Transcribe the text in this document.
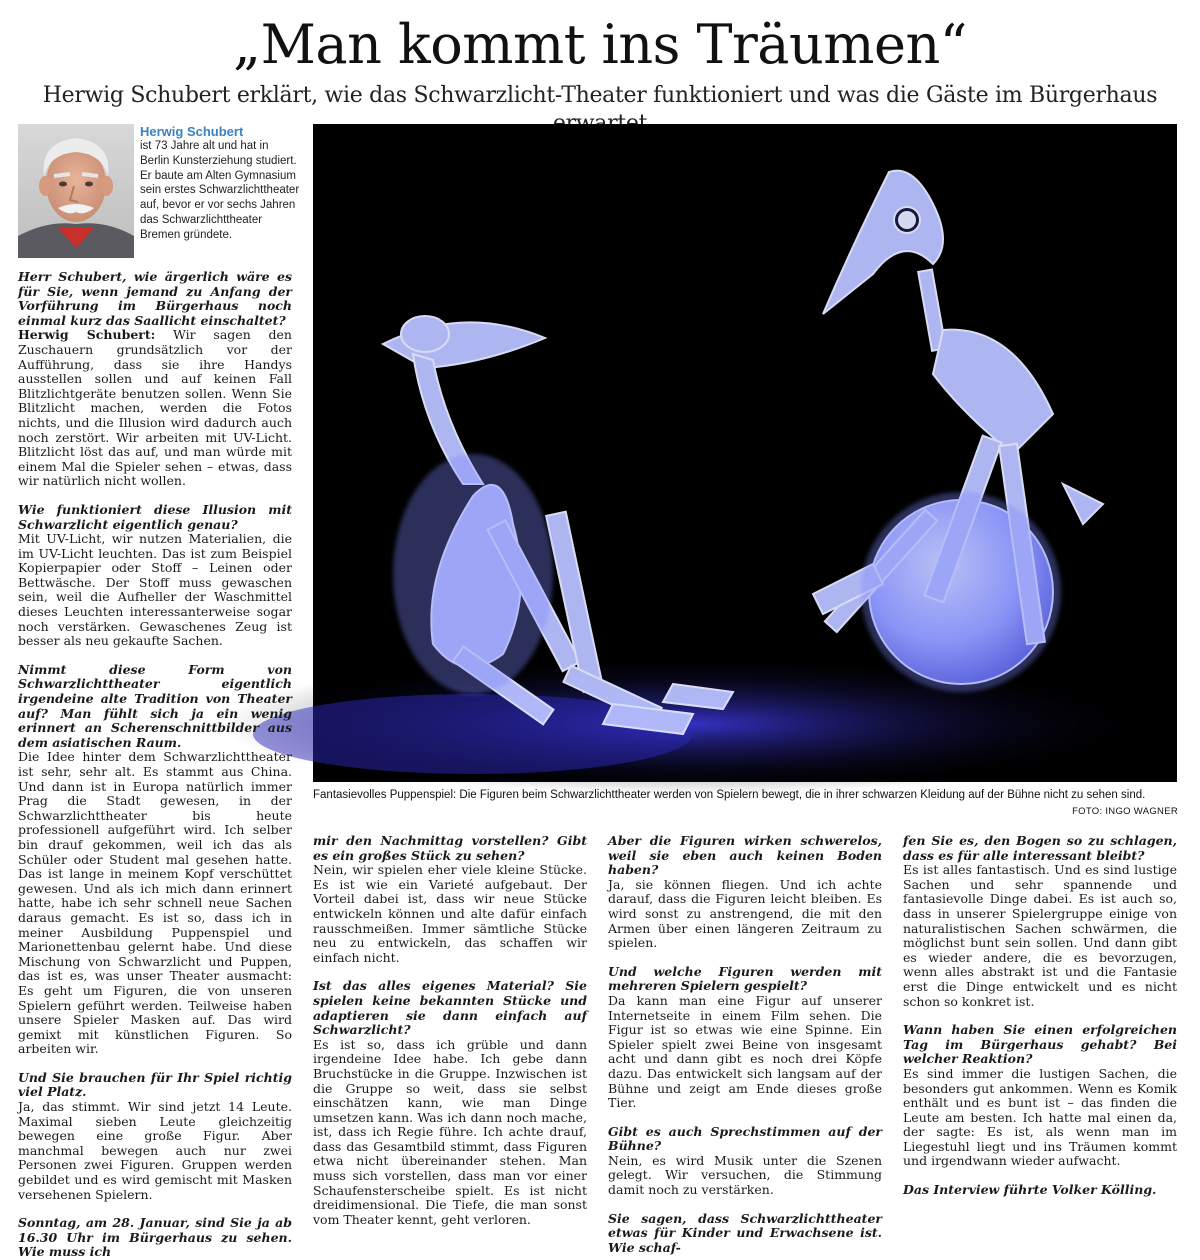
„Man kommt ins Träumen“
Herwig Schubert erklärt, wie das Schwarzlicht-Theater funktioniert und was die Gäste im Bürgerhaus
Herwig Schubert
ist 73 Jahre alt und hat in Berlin Kunsterziehung studiert. Er baute am Alten Gymnasium sein erstes Schwarzlichttheater auf, bevor er vor sechs Jahren das Schwarzlichttheater Bremen gründete.
Fantasievolles Puppenspiel: Die Figuren beim Schwarzlichttheater werden von Spielern bewegt, die in ihrer schwarzen Kleidung auf der Bühne nicht zu sehen sind.
FOTO: INGO WAGNER

Herr Schubert, wie ärgerlich wäre es für Sie, wenn jemand zu Anfang der Vorführung im Bürgerhaus noch einmal kurz das Saallicht einschaltet?
Herwig Schubert: Wir sagen den Zuschauern grundsätzlich vor der Aufführung, dass sie ihre Handys ausstellen sollen und auf keinen Fall Blitzlichtgeräte benutzen sollen. Wenn Sie Blitzlicht machen, werden die Fotos nichts, und die Illusion wird dadurch auch noch zerstört. Wir arbeiten mit UV-Licht. Blitzlicht löst das auf, und man würde mit einem Mal die Spieler sehen – etwas, dass wir natürlich nicht wollen.

Wie funktioniert diese Illusion mit Schwarzlicht eigentlich genau?
Mit UV-Licht, wir nutzen Materialien, die im UV-Licht leuchten. Das ist zum Beispiel Kopierpapier oder Stoff – Leinen oder Bettwäsche. Der Stoff muss gewaschen sein, weil die Aufheller der Waschmittel dieses Leuchten interessanterweise sogar noch verstärken. Gewaschenes Zeug ist besser als neu gekaufte Sachen.

Nimmt diese Form von Schwarzlichttheater eigentlich irgendeine alte Tradition von Theater auf? Man fühlt sich ja ein wenig erinnert an Scherenschnittbilder aus dem asiatischen Raum.
Die Idee hinter dem Schwarzlichttheater ist sehr, sehr alt. Es stammt aus China. Und dann ist in Europa natürlich immer Prag die Stadt gewesen, in der Schwarzlichttheater bis heute professionell aufgeführt wird. Ich selber bin drauf gekommen, weil ich das als Schüler oder Student mal gesehen hatte. Das ist lange in meinem Kopf verschüttet gewesen. Und als ich mich dann erinnert hatte, habe ich sehr schnell neue Sachen daraus gemacht. Es ist so, dass ich in meiner Ausbildung Puppenspiel und Marionettenbau gelernt habe. Und diese Mischung von Schwarzlicht und Puppen, das ist es, was unser Theater ausmacht: Es geht um Figuren, die von unseren Spielern geführt werden. Teilweise haben unsere Spieler Masken auf. Das wird gemixt mit künstlichen Figuren. So arbeiten wir.

Und Sie brauchen für Ihr Spiel richtig viel Platz.
Ja, das stimmt. Wir sind jetzt 14 Leute. Maximal sieben Leute gleichzeitig bewegen eine große Figur. Aber manchmal bewegen auch nur zwei Personen zwei Figuren. Gruppen werden gebildet und es wird gemischt mit Masken versehenen Spielern.

Sonntag, am 28. Januar, sind Sie ja ab 16.30 Uhr im Bürgerhaus zu sehen. Wie muss ich

mir den Nachmittag vorstellen? Gibt es ein großes Stück zu sehen?
Nein, wir spielen eher viele kleine Stücke. Es ist wie ein Varieté aufgebaut. Der Vorteil dabei ist, dass wir neue Stücke entwickeln können und alte dafür einfach rausschmeißen. Immer sämtliche Stücke neu zu entwickeln, das schaffen wir einfach nicht.

Ist das alles eigenes Material? Sie spielen keine bekannten Stücke und adaptieren sie dann einfach auf Schwarzlicht?
Es ist so, dass ich grüble und dann irgendeine Idee habe. Ich gebe dann Bruchstücke in die Gruppe. Inzwischen ist die Gruppe so weit, dass sie selbst einschätzen kann, wie man Dinge umsetzen kann. Was ich dann noch mache, ist, dass ich Regie führe. Ich achte drauf, dass das Gesamtbild stimmt, dass Figuren etwa nicht übereinander stehen. Man muss sich vorstellen, dass man vor einer Schaufensterscheibe spielt. Es ist nicht dreidimensional. Die Tiefe, die man sonst vom Theater kennt, geht verloren.

Aber die Figuren wirken schwerelos, weil sie eben auch keinen Boden haben?
Ja, sie können fliegen. Und ich achte darauf, dass die Figuren leicht bleiben. Es wird sonst zu anstrengend, die mit den Armen über einen längeren Zeitraum zu spielen.

Und welche Figuren werden mit mehreren Spielern gespielt?
Da kann man eine Figur auf unserer Internetseite in einem Film sehen. Die Figur ist so etwas wie eine Spinne. Ein Spieler spielt zwei Beine von insgesamt acht und dann gibt es noch drei Köpfe dazu. Das entwickelt sich langsam auf der Bühne und zeigt am Ende dieses große Tier.

Gibt es auch Sprechstimmen auf der Bühne?
Nein, es wird Musik unter die Szenen gelegt. Wir versuchen, die Stimmung damit noch zu verstärken.

Sie sagen, dass Schwarzlichttheater etwas für Kinder und Erwachsene ist. Wie schaf-

fen Sie es, den Bogen so zu schlagen, dass es für alle interessant bleibt?
Es ist alles fantastisch. Und es sind lustige Sachen und sehr spannende und fantasievolle Dinge dabei. Es ist auch so, dass in unserer Spielergruppe einige von naturalistischen Sachen schwärmen, die möglichst bunt sein sollen. Und dann gibt es wieder andere, die es bevorzugen, wenn alles abstrakt ist und die Fantasie erst die Dinge entwickelt und es nicht schon so konkret ist.

Wann haben Sie einen erfolgreichen Tag im Bürgerhaus gehabt? Bei welcher Reaktion?
Es sind immer die lustigen Sachen, die besonders gut ankommen. Wenn es Komik enthält und es bunt ist – das finden die Leute am besten. Ich hatte mal einen da, der sagte: Es ist, als wenn man im Liegestuhl liegt und ins Träumen kommt und irgendwann wieder aufwacht.

Das Interview führte Volker Kölling.
